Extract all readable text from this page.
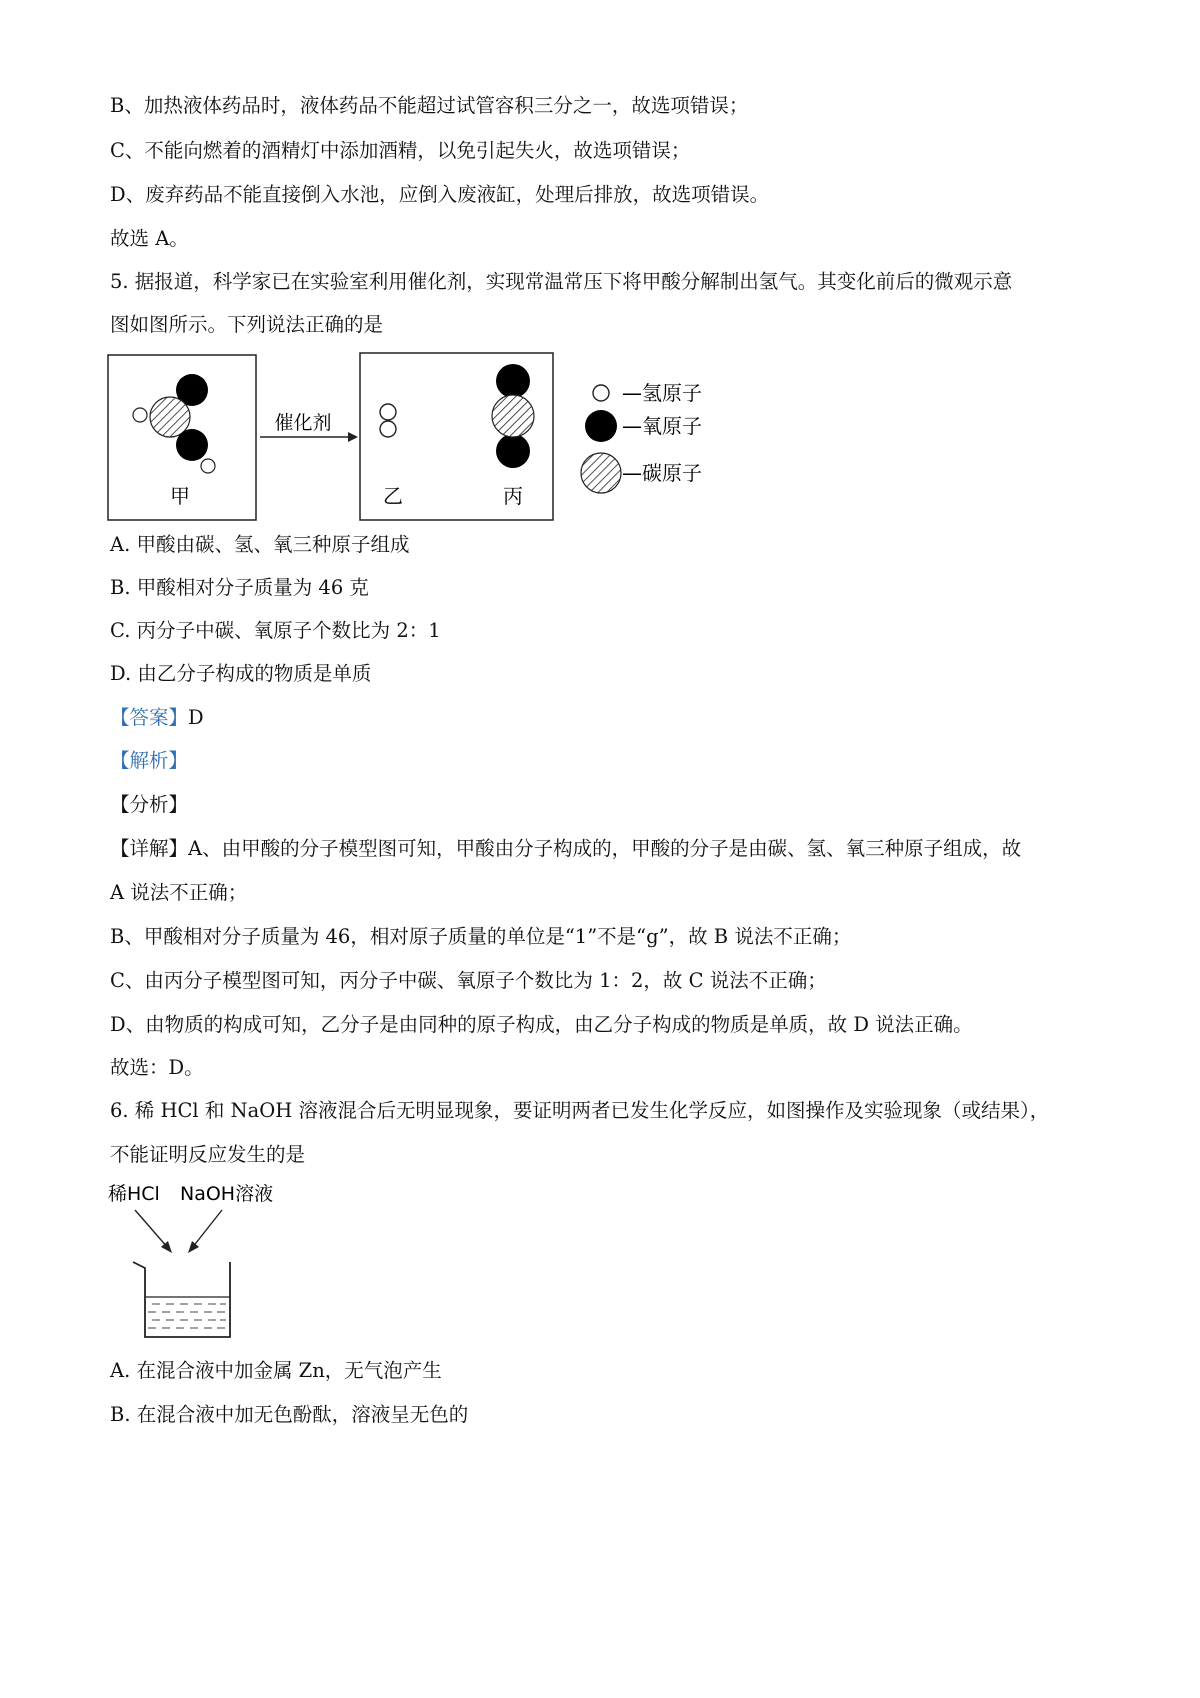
B、加热液体药品时，液体药品不能超过试管容积三分之一，故选项错误；
C、不能向燃着的酒精灯中添加酒精，以免引起失火，故选项错误；
D、废弃药品不能直接倒入水池，应倒入废液缸，处理后排放，故选项错误。
故选 A。
5. 据报道，科学家已在实验室利用催化剂，实现常温常压下将甲酸分解制出氢气。其变化前后的微观示意
图如图所示。下列说法正确的是
甲
催化剂
乙	丙
—氢原子
—氧原子
—碳原子
A. 甲酸由碳、氢、氧三种原子组成
B. 甲酸相对分子质量为 46 克
C. 丙分子中碳、氧原子个数比为 2：1
D. 由乙分子构成的物质是单质
【答案】D
【解析】
【分析】
【详解】A、由甲酸的分子模型图可知，甲酸由分子构成的，甲酸的分子是由碳、氢、氧三种原子组成，故
A 说法不正确；
B、甲酸相对分子质量为 46，相对原子质量的单位是“1”不是“g”，故 B 说法不正确；
C、由丙分子模型图可知，丙分子中碳、氧原子个数比为 1：2，故 C 说法不正确；
D、由物质的构成可知，乙分子是由同种的原子构成，由乙分子构成的物质是单质，故 D 说法正确。
故选：D。
6. 稀 HCl 和 NaOH 溶液混合后无明显现象，要证明两者已发生化学反应，如图操作及实验现象（或结果），
不能证明反应发生的是
稀HCl NaOH溶液
A. 在混合液中加金属 Zn，无气泡产生
B. 在混合液中加无色酚酞，溶液呈无色的
